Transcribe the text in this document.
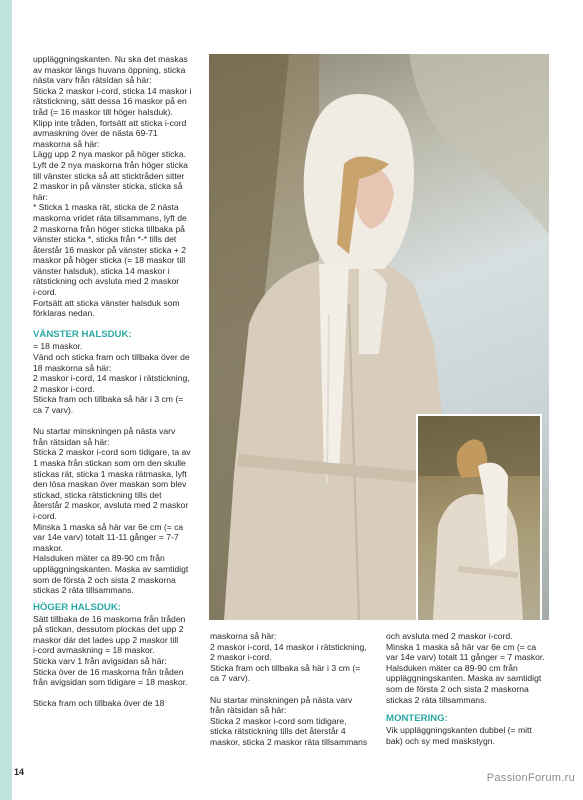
uppläggningskanten. Nu ska det maskas

av maskor längs huvans öppning, sticka

nästa varv från rätsidan så här:

Sticka 2 maskor i-cord, sticka 14 maskor i

rätstickning, sätt dessa 16 maskor på en

tråd (= 16 maskor till höger halsduk).

Klipp inte tråden, fortsätt att sticka i-cord

avmaskning över de nästa 69-71

maskorna så här:

Lägg upp 2 nya maskor på höger sticka.

Lyft de 2 nya maskorna från höger sticka

till vänster sticka så att sticktråden sitter

2 maskor in på vänster sticka, sticka så

här:

* Sticka 1 maska rät, sticka de 2 nästa

maskorna vridet räta tillsammans, lyft de

2 maskorna från höger sticka tillbaka på

vänster sticka *, sticka från *-* tills det

återstår 16 maskor på vänster sticka + 2

maskor på höger sticka (= 18 maskor till

vänster halsduk), sticka 14 maskor i

rätstickning och avsluta med 2 maskor

i-cord.

Fortsätt att sticka vänster halsduk som

förklaras nedan.

VÄNSTER HALSDUK:

= 18 maskor.

Vänd och sticka fram och tillbaka över de

18 maskorna så här:

2 maskor i-cord, 14 maskor i rätstickning,

2 maskor i-cord.

Sticka fram och tillbaka så här i 3 cm (=

ca 7 varv).

Nu startar minskningen på nästa varv

från rätsidan så här:

Sticka 2 maskor i-cord som tidigare, ta av

1 maska från stickan som om den skulle

stickas rät, sticka 1 maska rätmaska, lyft

den lösa maskan över maskan som blev

stickad, sticka rätstickning tills det

återstår 2 maskor, avsluta med 2 maskor

i-cord.

Minska 1 maska så här var 6e cm (= ca

var 14e varv) totalt 11-11 gånger = 7-7

maskor.

Halsduken mäter ca 89-90 cm från

uppläggningskanten. Maska av samtidigt

som de första 2 och sista 2 maskorna

stickas 2 räta tillsammans.

HÖGER HALSDUK:

Sätt tillbaka de 16 maskorna från tråden

på stickan, dessutom plockas det upp 2

maskor där det lades upp 2 maskor till

i-cord avmaskning = 18 maskor.

Sticka varv 1 från avigsidan så här:

Sticka över de 16 maskorna från tråden

från avigsidan som tidigare = 18 maskor.

Sticka fram och tillbaka över de 18

maskorna så här:

2 maskor i-cord, 14 maskor i rätstickning,

2 maskor i-cord.

Sticka fram och tillbaka så här i 3 cm (=

ca 7 varv).

Nu startar minskningen på nästa varv

från rätsidan så här:

Sticka 2 maskor i-cord som tidigare,

sticka rätstickning tills det återstår 4

maskor, sticka 2 maskor räta tillsammans

och avsluta med 2 maskor i-cord.

Minska 1 maska så här var 6e cm (= ca

var 14e varv) totalt 11 gånger = 7 maskor.

Halsduken mäter ca 89-90 cm från

uppläggningskanten. Maska av samtidigt

som de första 2 och sista 2 maskorna

stickas 2 räta tillsammans.

MONTERING:

Vik uppläggningskanten dubbel (= mitt

bak) och sy med maskstygn.

14	PassionForum.ru
